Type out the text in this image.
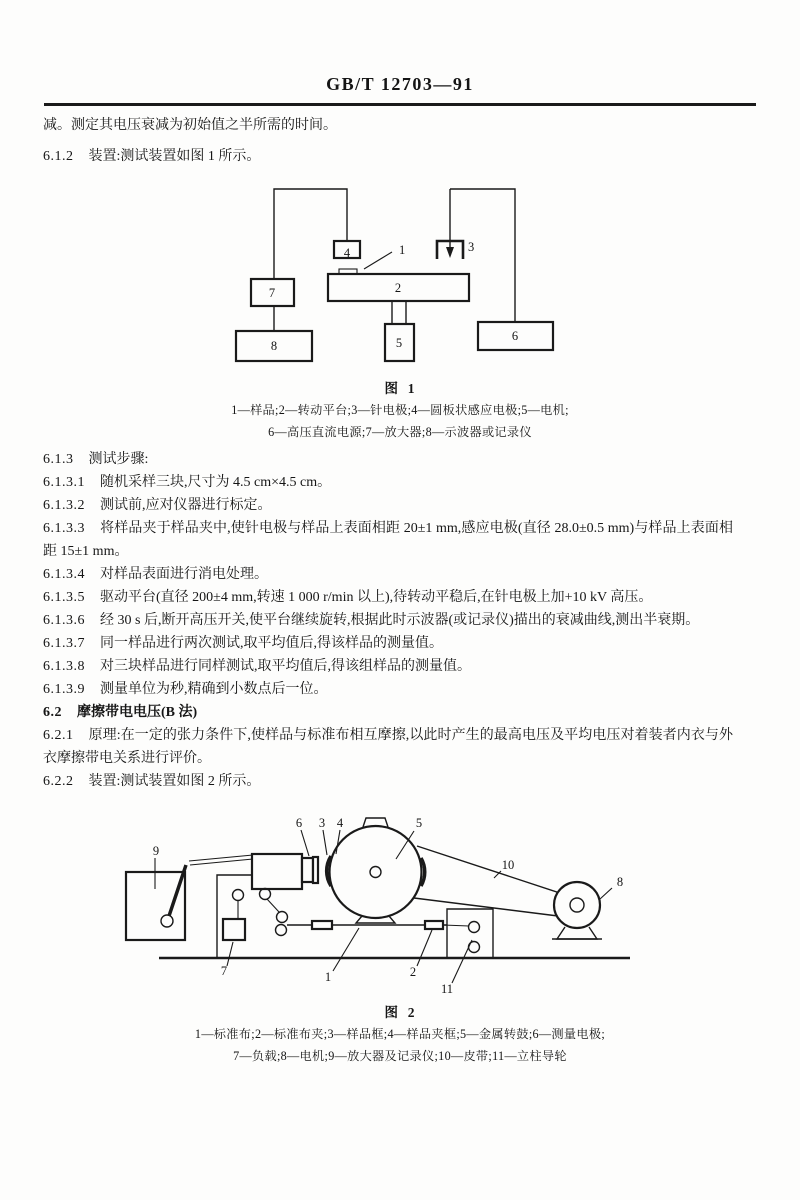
GB/T 12703—91

减。测定其电压衰减为初始值之半所需的时间。

6.1.2 装置:测试装置如图 1 所示。

4	1
2
5
3
6
7
8
图  1
1—样品;2—转动平台;3—针电极;4—圆板状感应电极;5—电机;
6—高压直流电源;7—放大器;8—示波器或记录仪

6.1.3 测试步骤:

6.1.3.1 随机采样三块,尺寸为 4.5 cm×4.5 cm。

6.1.3.2 测试前,应对仪器进行标定。

6.1.3.3 将样品夹于样品夹中,使针电极与样品上表面相距 20±1 mm,感应电极(直径 28.0±0.5 mm)与样品上表面相距 15±1 mm。

6.1.3.4 对样品表面进行消电处理。

6.1.3.5 驱动平台(直径 200±4 mm,转速 1 000 r/min 以上),待转动平稳后,在针电极上加+10 kV 高压。

6.1.3.6 经 30 s 后,断开高压开关,使平台继续旋转,根据此时示波器(或记录仪)描出的衰减曲线,测出半衰期。

6.1.3.7 同一样品进行两次测试,取平均值后,得该样品的测量值。

6.1.3.8 对三块样品进行同样测试,取平均值后,得该组样品的测量值。

6.1.3.9 测量单位为秒,精确到小数点后一位。

6.2 摩擦带电电压(B 法)

6.2.1 原理:在一定的张力条件下,使样品与标准布相互摩擦,以此时产生的最高电压及平均电压对着装者内衣与外衣摩擦带电关系进行评价。

6.2.2 装置:测试装置如图 2 所示。

9
6 3 4	5
10
8
7	1	2
11
图  2
1—标准布;2—标准布夹;3—样品框;4—样品夹框;5—金属转鼓;6—测量电极;
7—负载;8—电机;9—放大器及记录仪;10—皮带;11—立柱导轮
